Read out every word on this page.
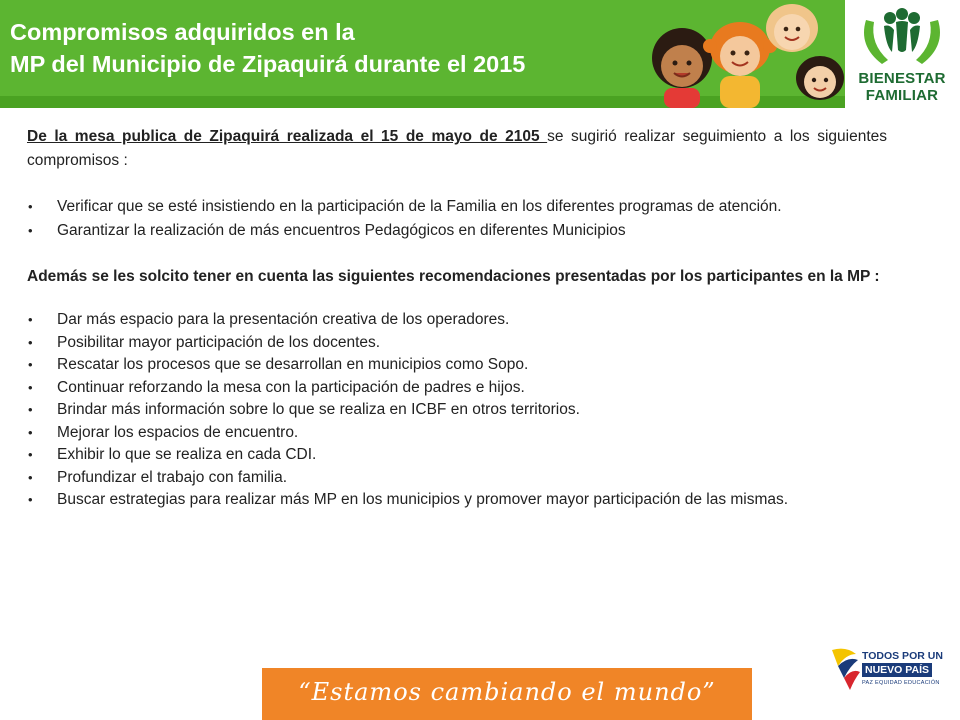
Compromisos adquiridos en la
MP del Municipio de Zipaquirá durante el 2015
BIENESTAR
FAMILIAR

De la mesa publica de Zipaquirá realizada el 15 de mayo de 2105 se sugirió realizar seguimiento a los siguientes compromisos :

• Verificar que se esté insistiendo en la participación de la Familia en los diferentes programas de atención.
• Garantizar la realización de más encuentros Pedagógicos en diferentes Municipios

Además se les solcito tener en cuenta las siguientes recomendaciones presentadas por los participantes en la MP :

• Dar más espacio para la presentación creativa de los operadores.
• Posibilitar mayor participación de los docentes.
• Rescatar los procesos que se desarrollan en municipios como Sopo.
• Continuar reforzando la mesa con la participación de padres e hijos.
• Brindar más información sobre lo que se realiza en ICBF en otros territorios.
• Mejorar los espacios de encuentro.
• Exhibir lo que se realiza en cada CDI.
• Profundizar el trabajo con familia.
• Buscar estrategias para realizar más MP en los municipios y promover mayor participación de las mismas.
“Estamos cambiando el mundo”
TODOS POR UN
NUEVO PAÍS
PAZ EQUIDAD EDUCACIÓN
